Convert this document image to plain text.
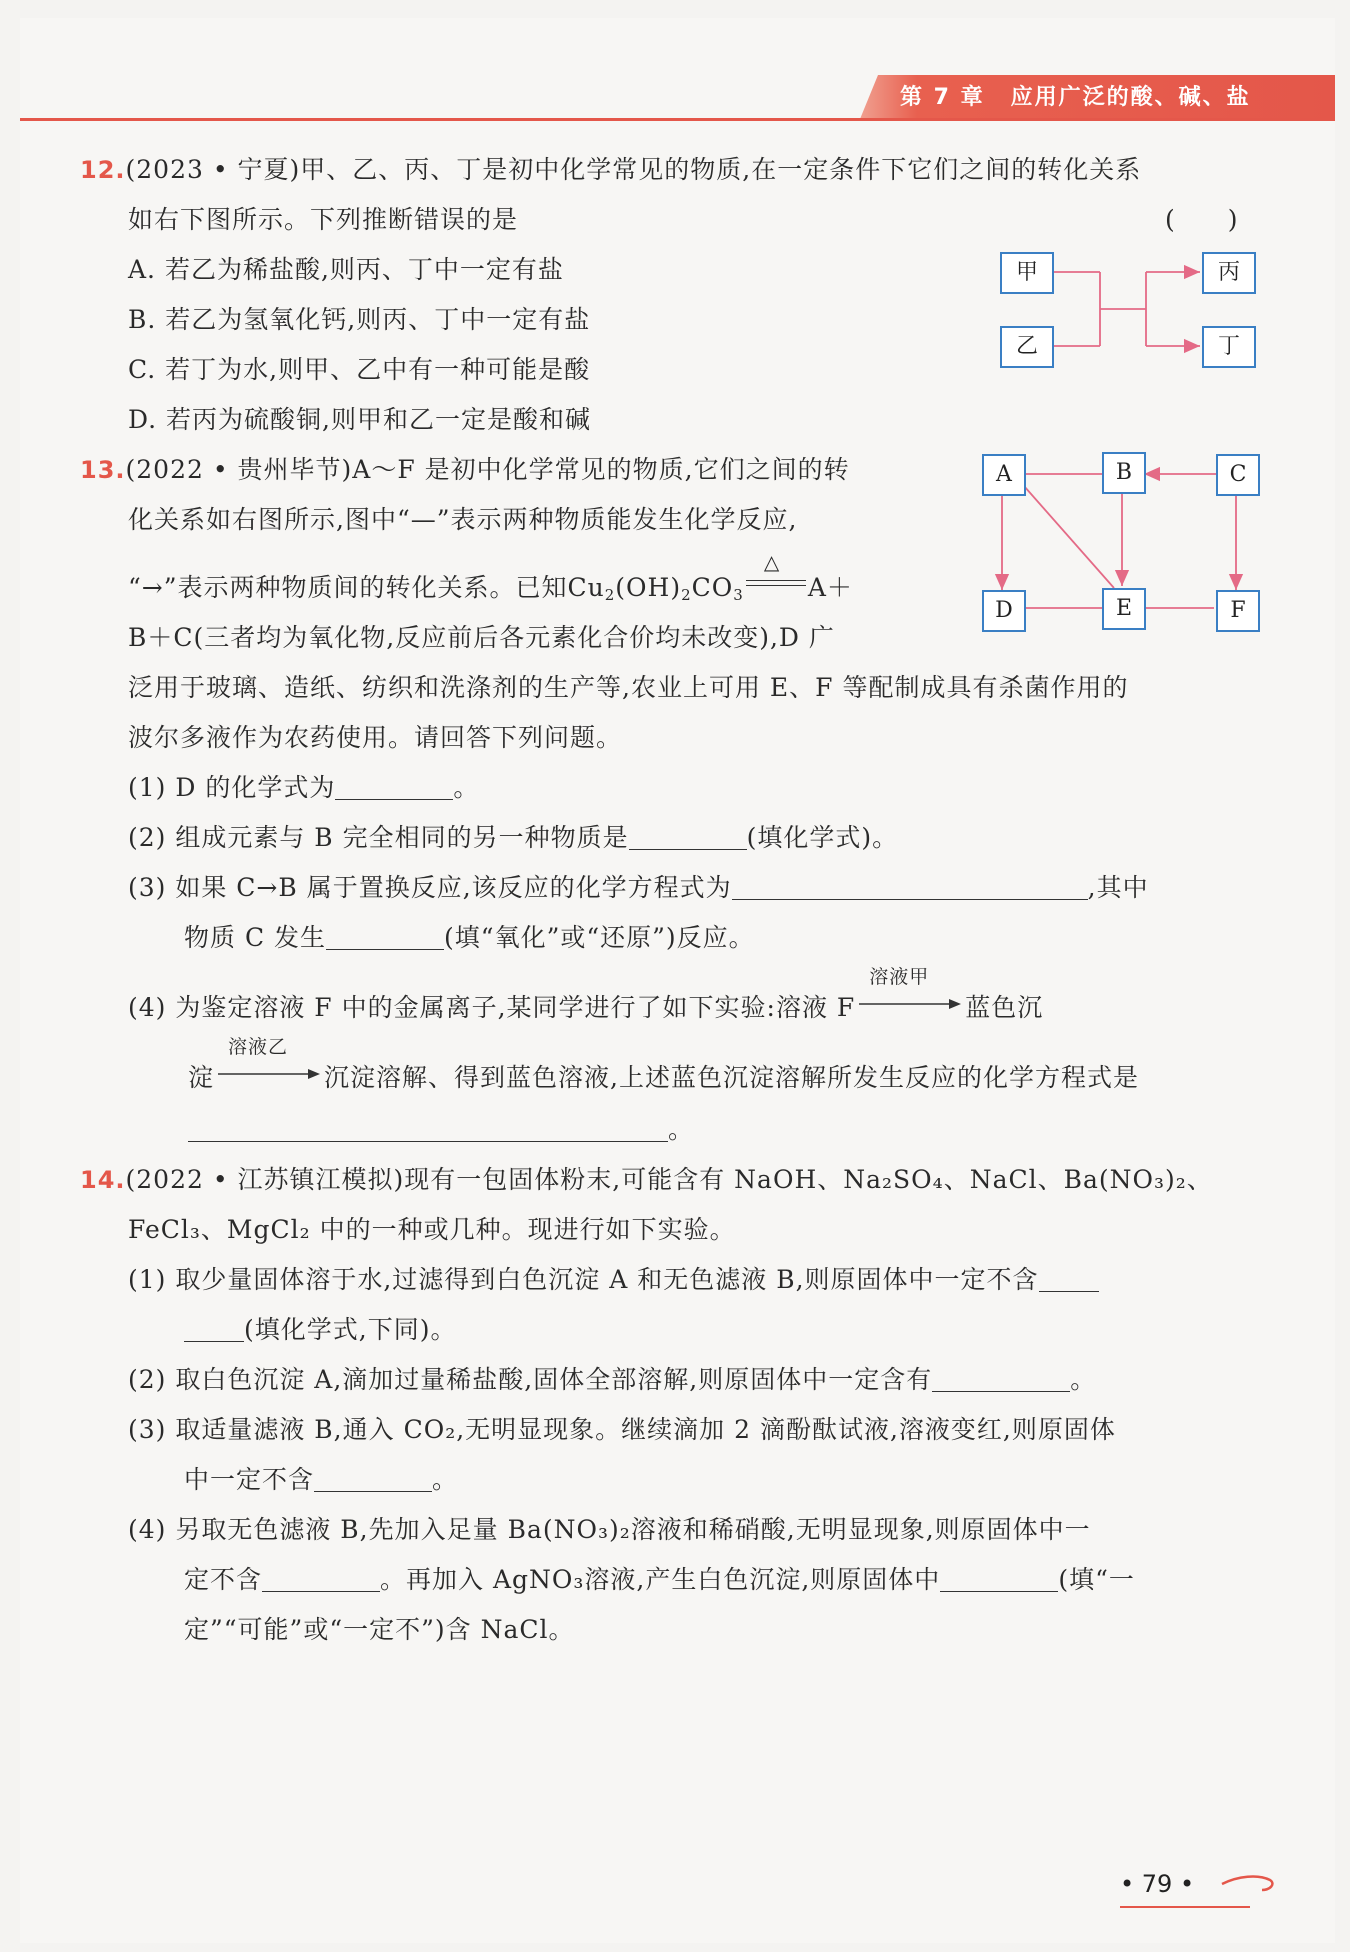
第 7 章 应用广泛的酸、碱、盐
12.(2023 • 宁夏)甲、乙、丙、丁是初中化学常见的物质,在一定条件下它们之间的转化关系
如右下图所示。下列推断错误的是	(　　)
A. 若乙为稀盐酸,则丙、丁中一定有盐
B. 若乙为氢氧化钙,则丙、丁中一定有盐
C. 若丁为水,则甲、乙中有一种可能是酸
D. 若丙为硫酸铜,则甲和乙一定是酸和碱
甲
乙
丙
丁
13.(2022 • 贵州毕节)A～F 是初中化学常见的物质,它们之间的转
化关系如右图所示,图中“—”表示两种物质能发生化学反应,
“→”表示两种物质间的转化关系。已知$Cu_2(OH)_2CO_3$
△
A＋
B＋C(三者均为氧化物,反应前后各元素化合价均未改变),D 广
泛用于玻璃、造纸、纺织和洗涤剂的生产等,农业上可用 E、F 等配制成具有杀菌作用的
波尔多液作为农药使用。请回答下列问题。
(1) D 的化学式为	。
(2) 组成元素与 B 完全相同的另一种物质是	(填化学式)。
(3) 如果 C→B 属于置换反应,该反应的化学方程式为	,其中
物质 C 发生	(填“氧化”或“还原”)反应。
(4) 为鉴定溶液 F 中的金属离子,某同学进行了如下实验:溶液 F
溶液甲
蓝色沉
淀
溶液乙
沉淀溶解、得到蓝色溶液,上述蓝色沉淀溶解所发生反应的化学方程式是
。
A	B	C
D	E	F
14.(2022 • 江苏镇江模拟)现有一包固体粉末,可能含有 NaOH、Na₂SO₄、NaCl、Ba(NO₃)₂、
FeCl₃、MgCl₂ 中的一种或几种。现进行如下实验。
(1) 取少量固体溶于水,过滤得到白色沉淀 A 和无色滤液 B,则原固体中一定不含
(填化学式,下同)。
(2) 取白色沉淀 A,滴加过量稀盐酸,固体全部溶解,则原固体中一定含有	。
(3) 取适量滤液 B,通入 CO₂,无明显现象。继续滴加 2 滴酚酞试液,溶液变红,则原固体
中一定不含	。
(4) 另取无色滤液 B,先加入足量 Ba(NO₃)₂溶液和稀硝酸,无明显现象,则原固体中一
定不含	。再加入 AgNO₃溶液,产生白色沉淀,则原固体中	(填“一
定”“可能”或“一定不”)含 NaCl。
• 79 •
